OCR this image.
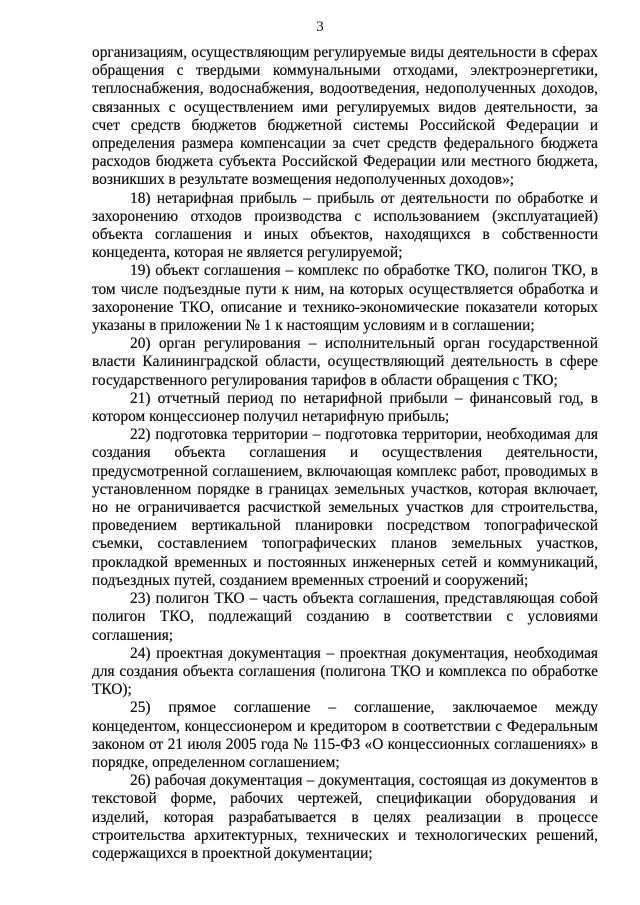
3

организациям, осуществляющим регулируемые виды деятельности в сферах обращения с твердыми коммунальными отходами, электроэнергетики, теплоснабжения, водоснабжения, водоотведения, недополученных доходов, связанных с осуществлением ими регулируемых видов деятельности, за счет средств бюджетов бюджетной системы Российской Федерации и определения размера компенсации за счет средств федерального бюджета расходов бюджета субъекта Российской Федерации или местного бюджета, возникших в результате возмещения недополученных доходов»;

18) нетарифная прибыль – прибыль от деятельности по обработке и захоронению отходов производства с использованием (эксплуатацией) объекта соглашения и иных объектов, находящихся в собственности концедента, которая не является регулируемой;

19) объект соглашения – комплекс по обработке ТКО, полигон ТКО, в том числе подъездные пути к ним, на которых осуществляется обработка и захоронение ТКО, описание и технико-экономические показатели которых указаны в приложении № 1 к настоящим условиям и в соглашении;

20) орган регулирования – исполнительный орган государственной власти Калининградской области, осуществляющий деятельность в сфере государственного регулирования тарифов в области обращения с ТКО;

21) отчетный период по нетарифной прибыли – финансовый год, в котором концессионер получил нетарифную прибыль;

22) подготовка территории – подготовка территории, необходимая для создания объекта соглашения и осуществления деятельности, предусмотренной соглашением, включающая комплекс работ, проводимых в установленном порядке в границах земельных участков, которая включает, но не ограничивается расчисткой земельных участков для строительства, проведением вертикальной планировки посредством топографической съемки, составлением топографических планов земельных участков, прокладкой временных и постоянных инженерных сетей и коммуникаций, подъездных путей, созданием временных строений и сооружений;

23) полигон ТКО – часть объекта соглашения, представляющая собой полигон ТКО, подлежащий созданию в соответствии с условиями соглашения;

24) проектная документация – проектная документация, необходимая для создания объекта соглашения (полигона ТКО и комплекса по обработке ТКО);

25) прямое соглашение – соглашение, заключаемое между концедентом, концессионером и кредитором в соответствии с Федеральным законом от 21 июля 2005 года № 115-ФЗ «О концессионных соглашениях» в порядке, определенном соглашением;

26) рабочая документация – документация, состоящая из документов в текстовой форме, рабочих чертежей, спецификации оборудования и изделий, которая разрабатывается в целях реализации в процессе строительства архитектурных, технических и технологических решений, содержащихся в проектной документации;
